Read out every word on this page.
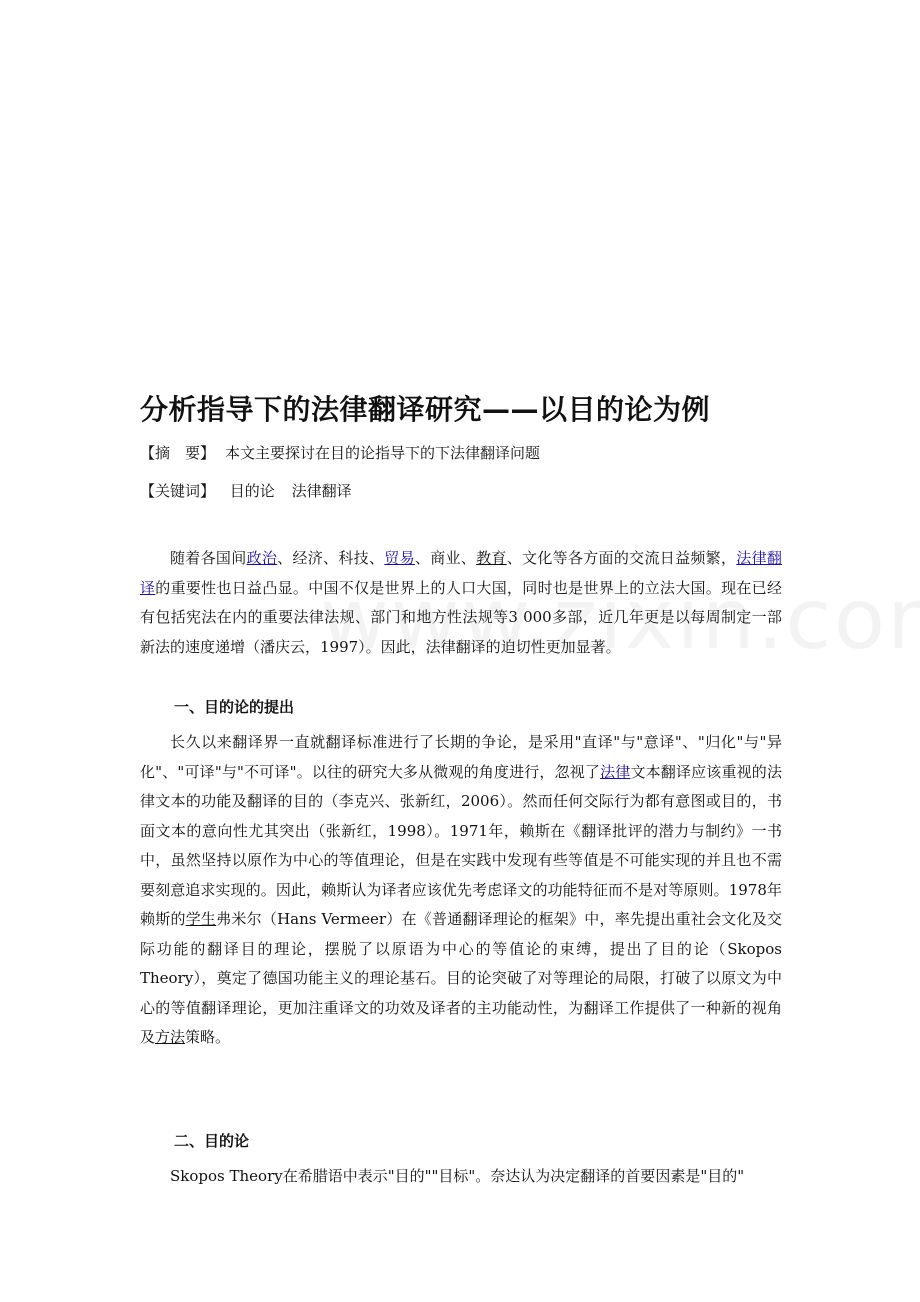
分析指导下的法律翻译研究——以目的论为例
【摘　要】 本文主要探讨在目的论指导下的下法律翻译问题
【关键词】 目的论 法律翻译

随着各国间政治、经济、科技、贸易、商业、教育、文化等各方面的交流日益频繁，法律翻译的重要性也日益凸显。中国不仅是世界上的人口大国，同时也是世界上的立法大国。现在已经有包括宪法在内的重要法律法规、部门和地方性法规等3 000多部，近几年更是以每周制定一部新法的速度递增（潘庆云，1997）。因此，法律翻译的迫切性更加显著。

一、目的论的提出

长久以来翻译界一直就翻译标准进行了长期的争论，是采用"直译"与"意译"、"归化"与"异化"、"可译"与"不可译"。以往的研究大多从微观的角度进行，忽视了法律文本翻译应该重视的法律文本的功能及翻译的目的（李克兴、张新红，2006）。然而任何交际行为都有意图或目的，书面文本的意向性尤其突出（张新红，1998）。1971年，赖斯在《翻译批评的潜力与制约》一书中，虽然坚持以原作为中心的等值理论，但是在实践中发现有些等值是不可能实现的并且也不需要刻意追求实现的。因此，赖斯认为译者应该优先考虑译文的功能特征而不是对等原则。1978年赖斯的学生弗米尔（Hans Vermeer）在《普通翻译理论的框架》中，率先提出重社会文化及交际功能的翻译目的理论，摆脱了以原语为中心的等值论的束缚，提出了目的论（Skopos Theory），奠定了德国功能主义的理论基石。目的论突破了对等理论的局限，打破了以原文为中心的等值翻译理论，更加注重译文的功效及译者的主功能动性，为翻译工作提供了一种新的视角及方法策略。

二、目的论

Skopos Theory在希腊语中表示"目的""目标"。奈达认为决定翻译的首要因素是"目的"
